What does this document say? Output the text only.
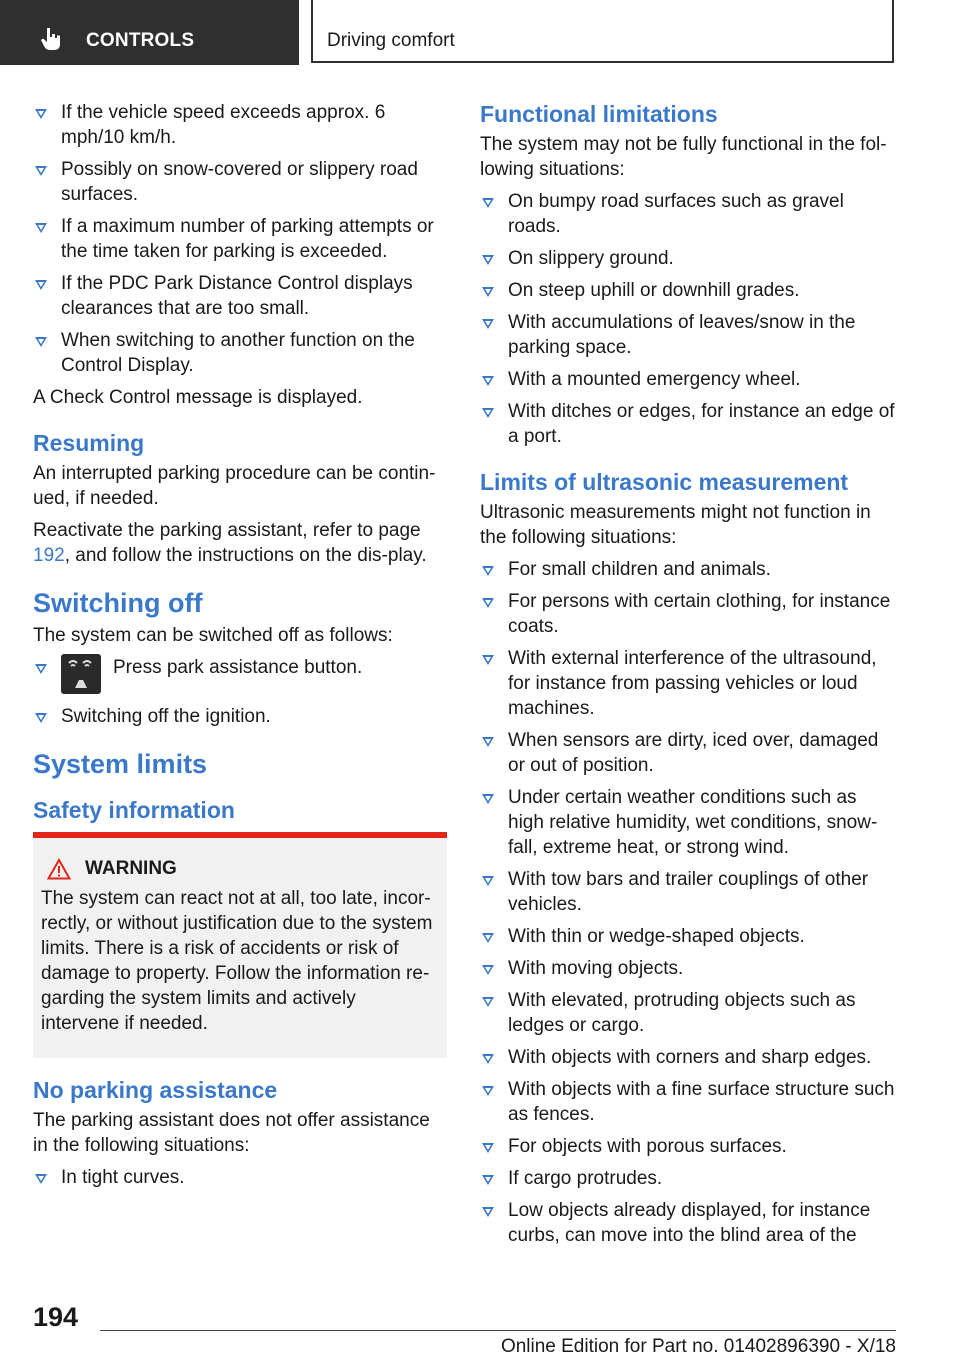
CONTROLS	Driving comfort
If the vehicle speed exceeds approx. 6 mph/10 km/h.
Possibly on snow-covered or slippery road surfaces.
If a maximum number of parking attempts or the time taken for parking is exceeded.
If the PDC Park Distance Control displays clearances that are too small.
When switching to another function on the Control Display.

A Check Control message is displayed.

Resuming

An interrupted parking procedure can be contin‐ued, if needed.

Reactivate the parking assistant, refer to page 192, and follow the instructions on the dis‐play.

Switching off

The system can be switched off as follows:

Press park assistance button.
Switching off the ignition.
System limits
Safety information
WARNING
The system can react not at all, too late, incor‐rectly, or without justification due to the system limits. There is a risk of accidents or risk of damage to property. Follow the information re‐garding the system limits and actively intervene if needed.
No parking assistance

The parking assistant does not offer assistance in the following situations:

In tight curves.
Functional limitations

The system may not be fully functional in the fol‐lowing situations:

On bumpy road surfaces such as gravel roads.
On slippery ground.
On steep uphill or downhill grades.
With accumulations of leaves/snow in the parking space.
With a mounted emergency wheel.
With ditches or edges, for instance an edge of a port.
Limits of ultrasonic measurement

Ultrasonic measurements might not function in the following situations:

For small children and animals.
For persons with certain clothing, for instance coats.
With external interference of the ultrasound, for instance from passing vehicles or loud machines.
When sensors are dirty, iced over, damaged or out of position.
Under certain weather conditions such as high relative humidity, wet conditions, snow‐fall, extreme heat, or strong wind.
With tow bars and trailer couplings of other vehicles.
With thin or wedge-shaped objects.
With moving objects.
With elevated, protruding objects such as ledges or cargo.
With objects with corners and sharp edges.
With objects with a fine surface structure such as fences.
For objects with porous surfaces.
If cargo protrudes.
Low objects already displayed, for instance curbs, can move into the blind area of the
194
Online Edition for Part no. 01402896390 - X/18
